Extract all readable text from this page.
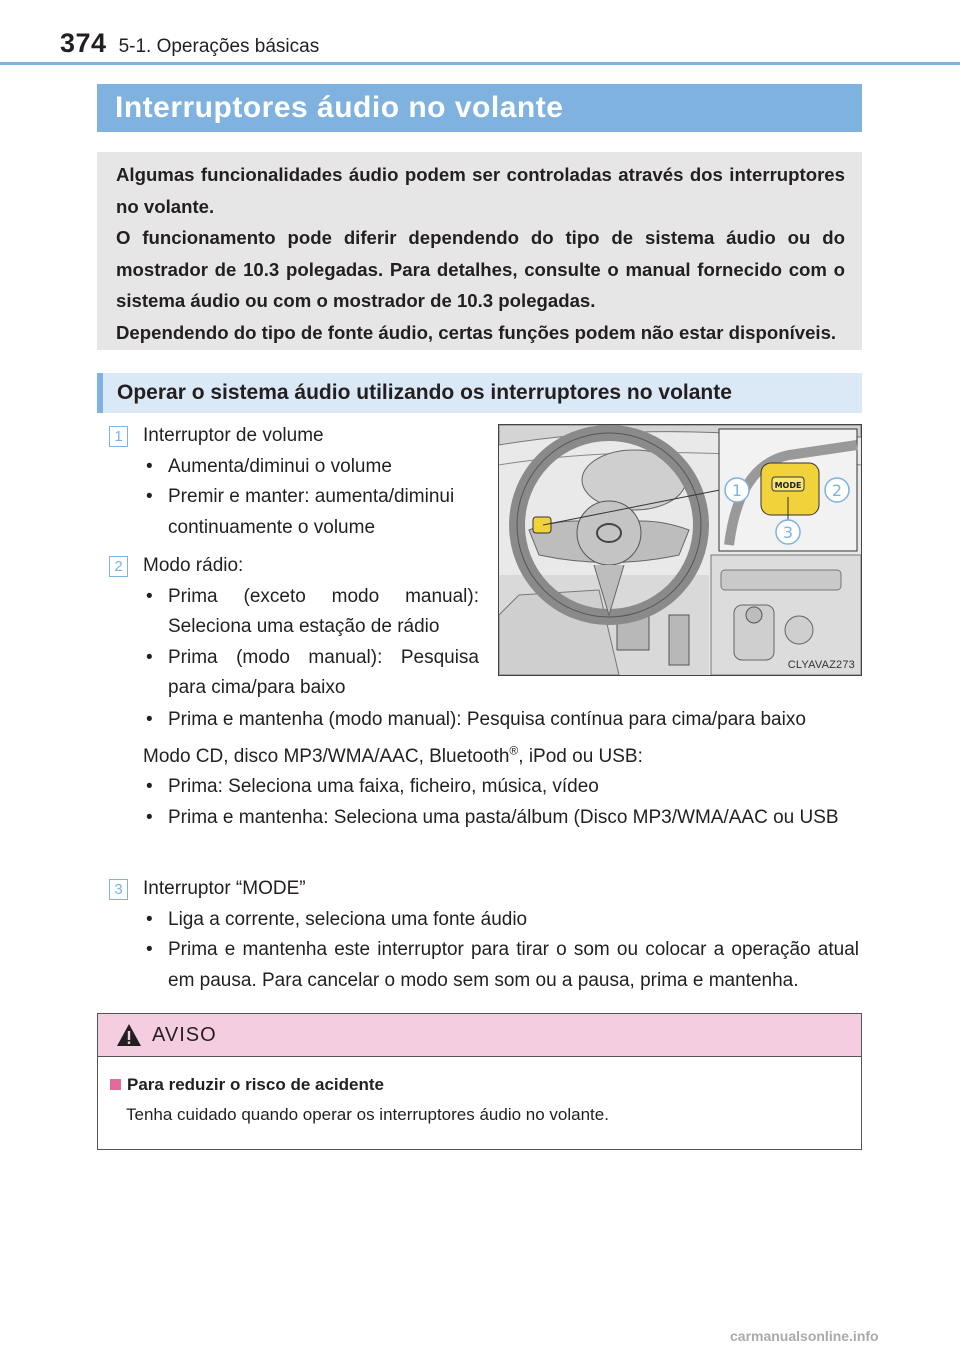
374 5-1. Operações básicas
Interruptores áudio no volante

Algumas funcionalidades áudio podem ser controladas através dos interruptores no volante.

O funcionamento pode diferir dependendo do tipo de sistema áudio ou do mostrador de 10.3 polegadas. Para detalhes, consulte o manual fornecido com o sistema áudio ou com o mostrador de 10.3 polegadas.

Dependendo do tipo de fonte áudio, certas funções podem não estar disponíveis.

Operar o sistema áudio utilizando os interruptores no volante
MODE
1	2
3
CLYAVAZ273
1 Interruptor de volume
• Aumenta/diminui o volume
• Premir e manter: aumenta/diminui continuamente o volume
2 Modo rádio:
• Prima (exceto modo manual): Seleciona uma estação de rádio
• Prima (modo manual): Pesquisa para cima/para baixo
• Prima e mantenha (modo manual): Pesquisa contínua para cima/para baixo
Modo CD, disco MP3/WMA/AAC, Bluetooth®, iPod ou USB:
• Prima: Seleciona uma faixa, ficheiro, música, vídeo
• Prima e mantenha: Seleciona uma pasta/álbum (Disco MP3/WMA/AAC ou USB
3 Interruptor “MODE”
• Liga a corrente, seleciona uma fonte áudio
• Prima e mantenha este interruptor para tirar o som ou colocar a operação atual em pausa. Para cancelar o modo sem som ou a pausa, prima e mantenha.
AVISO
Para reduzir o risco de acidente
Tenha cuidado quando operar os interruptores áudio no volante.
carmanualsonline.info
